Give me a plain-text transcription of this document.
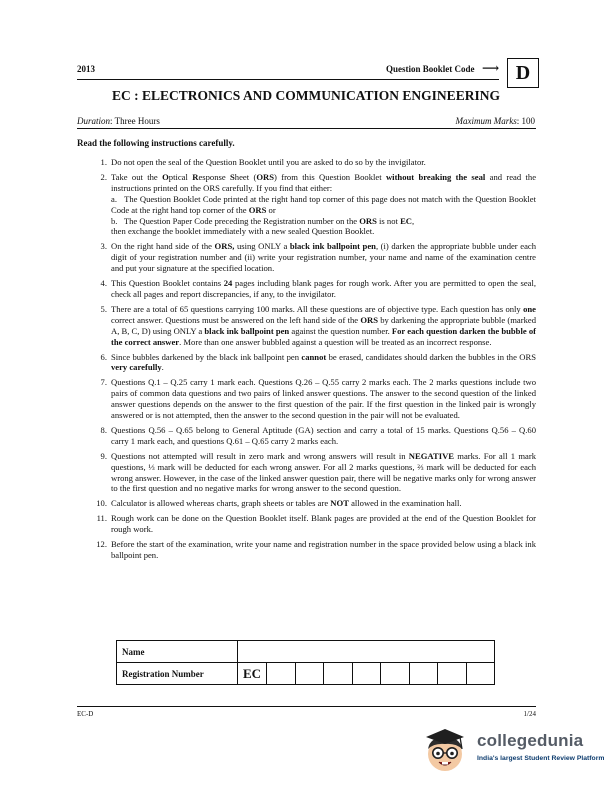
2013	Question Booklet Code ⟶ D
EC : ELECTRONICS AND COMMUNICATION ENGINEERING
Duration: Three Hours	Maximum Marks: 100
Read the following instructions carefully.
1. Do not open the seal of the Question Booklet until you are asked to do so by the invigilator.
2. Take out the Optical Response Sheet (ORS) from this Question Booklet without breaking the seal and read the instructions printed on the ORS carefully. If you find that either:
a.   The Question Booklet Code printed at the right hand top corner of this page does not match with the Question Booklet Code at the right hand top corner of the ORS or
b.   The Question Paper Code preceding the Registration number on the ORS is not EC,
then exchange the booklet immediately with a new sealed Question Booklet.
3. On the right hand side of the ORS, using ONLY a black ink ballpoint pen, (i) darken the appropriate bubble under each digit of your registration number and (ii) write your registration number, your name and name of the examination centre and put your signature at the specified location.
4. This Question Booklet contains 24 pages including blank pages for rough work. After you are permitted to open the seal, check all pages and report discrepancies, if any, to the invigilator.
5. There are a total of 65 questions carrying 100 marks. All these questions are of objective type. Each question has only one correct answer. Questions must be answered on the left hand side of the ORS by darkening the appropriate bubble (marked A, B, C, D) using ONLY a black ink ballpoint pen against the question number. For each question darken the bubble of the correct answer. More than one answer bubbled against a question will be treated as an incorrect response.
6. Since bubbles darkened by the black ink ballpoint pen cannot be erased, candidates should darken the bubbles in the ORS very carefully.
7. Questions Q.1 – Q.25 carry 1 mark each. Questions Q.26 – Q.55 carry 2 marks each. The 2 marks questions include two pairs of common data questions and two pairs of linked answer questions. The answer to the second question of the linked answer questions depends on the answer to the first question of the pair. If the first question in the linked pair is wrongly answered or is not attempted, then the answer to the second question in the pair will not be evaluated.
8. Questions Q.56 – Q.65 belong to General Aptitude (GA) section and carry a total of 15 marks. Questions Q.56 – Q.60 carry 1 mark each, and questions Q.61 – Q.65 carry 2 marks each.
9. Questions not attempted will result in zero mark and wrong answers will result in NEGATIVE marks. For all 1 mark questions, ⅓ mark will be deducted for each wrong answer. For all 2 marks questions, ⅔ mark will be deducted for each wrong answer. However, in the case of the linked answer question pair, there will be negative marks only for wrong answer to the first question and no negative marks for wrong answer to the second question.
10. Calculator is allowed whereas charts, graph sheets or tables are NOT allowed in the examination hall.
11. Rough work can be done on the Question Booklet itself. Blank pages are provided at the end of the Question Booklet for rough work.
12. Before the start of the examination, write your name and registration number in the space provided below using a black ink ballpoint pen.
Name									
Registration Number	EC								
EC-D	1/24
collegedunia
India's largest Student Review Platform
